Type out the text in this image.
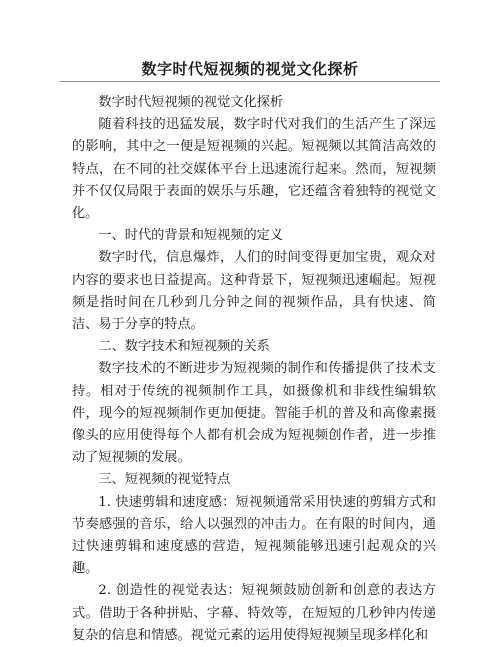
数字时代短视频的视觉文化探析

数字时代短视频的视觉文化探析

随着科技的迅猛发展，数字时代对我们的生活产生了深远的影响，其中之一便是短视频的兴起。短视频以其简洁高效的特点，在不同的社交媒体平台上迅速流行起来。然而，短视频并不仅仅局限于表面的娱乐与乐趣，它还蕴含着独特的视觉文化。

一、时代的背景和短视频的定义

数字时代，信息爆炸，人们的时间变得更加宝贵，观众对内容的要求也日益提高。这种背景下，短视频迅速崛起。短视频是指时间在几秒到几分钟之间的视频作品，具有快速、简洁、易于分享的特点。

二、数字技术和短视频的关系

数字技术的不断进步为短视频的制作和传播提供了技术支持。相对于传统的视频制作工具，如摄像机和非线性编辑软件，现今的短视频制作更加便捷。智能手机的普及和高像素摄像头的应用使得每个人都有机会成为短视频创作者，进一步推动了短视频的发展。

三、短视频的视觉特点

1. 快速剪辑和速度感：短视频通常采用快速的剪辑方式和节奏感强的音乐，给人以强烈的冲击力。在有限的时间内，通过快速剪辑和速度感的营造，短视频能够迅速引起观众的兴趣。

2. 创造性的视觉表达：短视频鼓励创新和创意的表达方式。借助于各种拼贴、字幕、特效等，在短短的几秒钟内传递复杂的信息和情感。视觉元素的运用使得短视频呈现多样化和
